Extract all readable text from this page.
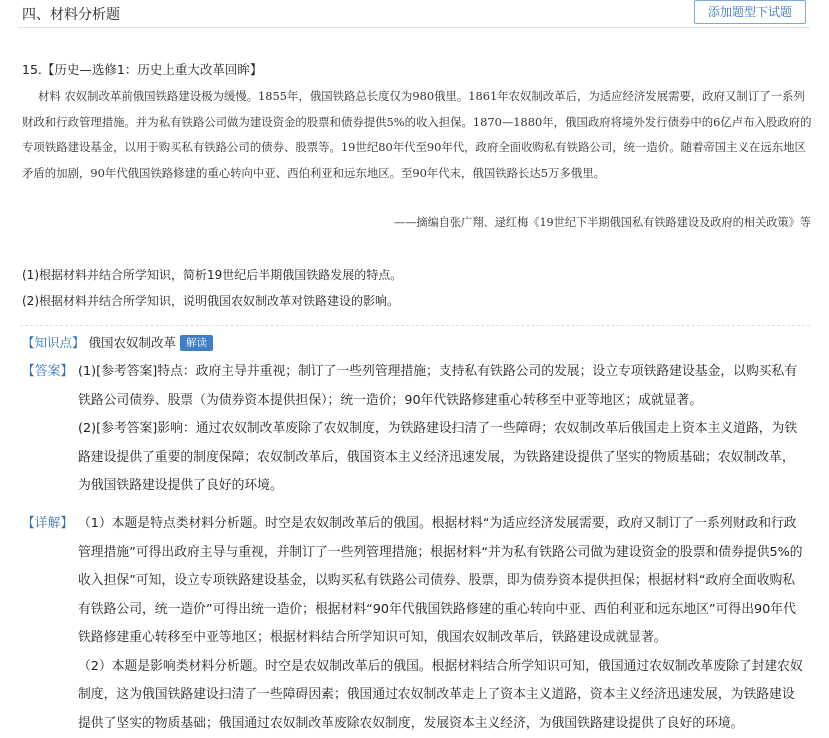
四、材料分析题	添加题型下试题
15.【历史—选修1：历史上重大改革回眸】
材料 农奴制改革前俄国铁路建设极为缓慢。1855年，俄国铁路总长度仅为980俄里。1861年农奴制改革后，为适应经济发展需要，政府又制订了一系列财政和行政管理措施。并为私有铁路公司做为建设资金的股票和债券提供5%的收入担保。1870—1880年，俄国政府将境外发行债券中的6亿卢布入股政府的专项铁路建设基金，以用于购买私有铁路公司的债券、股票等。19世纪80年代至90年代，政府全面收购私有铁路公司，统一造价。随着帝国主义在远东地区矛盾的加剧，90年代俄国铁路修建的重心转向中亚、西伯利亚和远东地区。至90年代末，俄国铁路长达5万多俄里。
——摘编自张广翔、逯红梅《19世纪下半期俄国私有铁路建设及政府的相关政策》等
(1)根据材料并结合所学知识，简析19世纪后半期俄国铁路发展的特点。
(2)根据材料并结合所学知识，说明俄国农奴制改革对铁路建设的影响。
【知识点】 俄国农奴制改革 解读
【答案】 (1)[参考答案]特点：政府主导并重视；制订了一些列管理措施；支持私有铁路公司的发展；设立专项铁路建设基金，以购买私有铁路公司债券、股票（为债券资本提供担保）；统一造价；90年代铁路修建重心转移至中亚等地区；成就显著。
(2)[参考答案]影响：通过农奴制改革废除了农奴制度，为铁路建设扫清了一些障碍；农奴制改革后俄国走上资本主义道路，为铁路建设提供了重要的制度保障；农奴制改革后，俄国资本主义经济迅速发展，为铁路建设提供了坚实的物质基础；农奴制改革，为俄国铁路建设提供了良好的环境。
【详解】 （1）本题是特点类材料分析题。时空是农奴制改革后的俄国。根据材料“为适应经济发展需要，政府又制订了一系列财政和行政管理措施”可得出政府主导与重视，并制订了一些列管理措施；根据材料“并为私有铁路公司做为建设资金的股票和债券提供5%的收入担保”可知，设立专项铁路建设基金，以购买私有铁路公司债券、股票，即为债券资本提供担保；根据材料“政府全面收购私有铁路公司，统一造价”可得出统一造价；根据材料“90年代俄国铁路修建的重心转向中亚、西伯利亚和远东地区”可得出90年代铁路修建重心转移至中亚等地区；根据材料结合所学知识可知，俄国农奴制改革后，铁路建设成就显著。
（2）本题是影响类材料分析题。时空是农奴制改革后的俄国。根据材料结合所学知识可知，俄国通过农奴制改革废除了封建农奴制度，这为俄国铁路建设扫清了一些障碍因素；俄国通过农奴制改革走上了资本主义道路，资本主义经济迅速发展，为铁路建设提供了坚实的物质基础；俄国通过农奴制改革废除农奴制度，发展资本主义经济，为俄国铁路建设提供了良好的环境。
